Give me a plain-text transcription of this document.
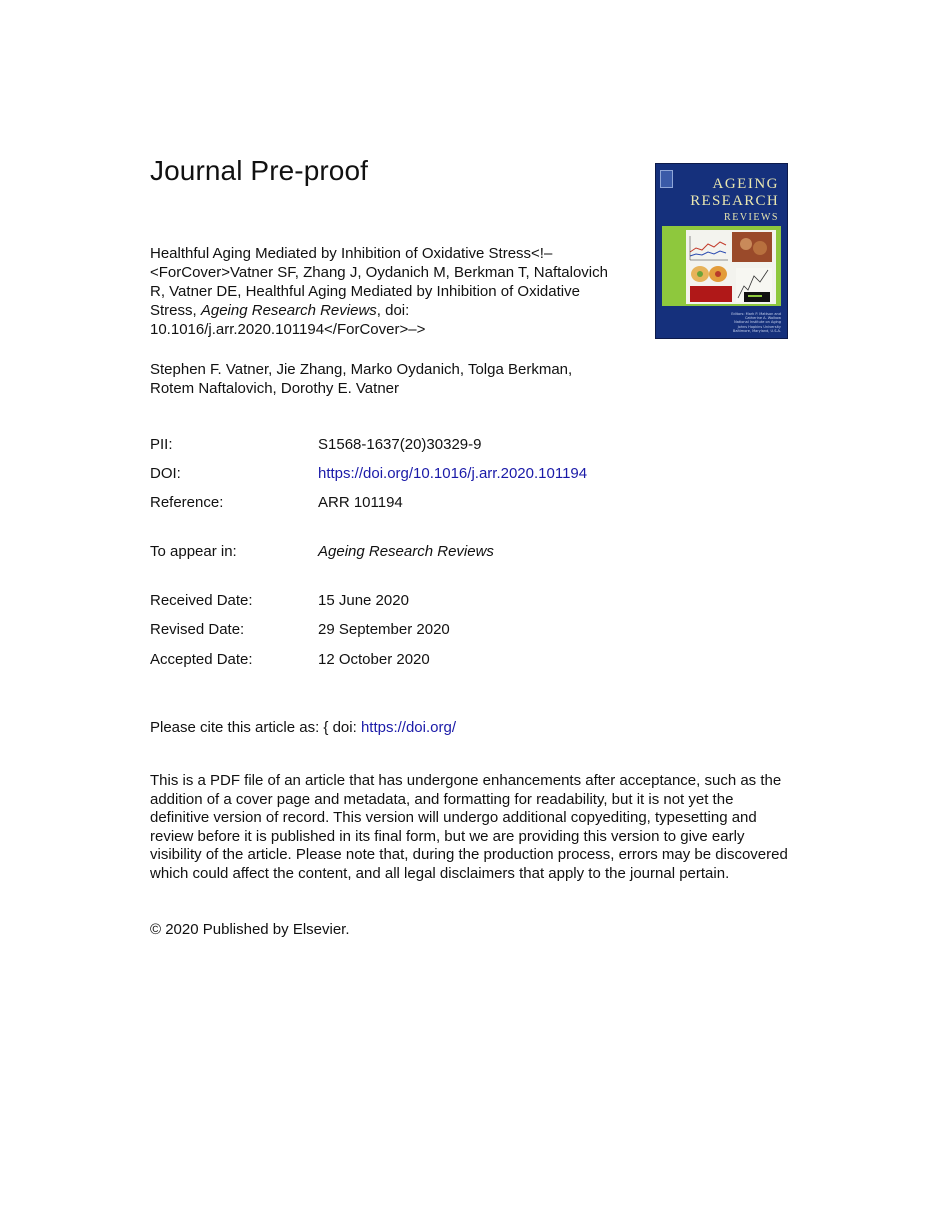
Journal Pre-proof
Healthful Aging Mediated by Inhibition of Oxidative Stress<!–<ForCover>Vatner SF, Zhang J, Oydanich M, Berkman T, Naftalovich R, Vatner DE, Healthful Aging Mediated by Inhibition of Oxidative Stress, Ageing Research Reviews, doi: 10.1016/j.arr.2020.101194</ForCover>–>
Stephen F. Vatner, Jie Zhang, Marko Oydanich, Tolga Berkman, Rotem Naftalovich, Dorothy E. Vatner
PII:	S1568-1637(20)30329-9
DOI:	https://doi.org/10.1016/j.arr.2020.101194
Reference:	ARR 101194
To appear in:	Ageing Research Reviews
Received Date:	15 June 2020
Revised Date:	29 September 2020
Accepted Date:	12 October 2020
Please cite this article as: { doi: https://doi.org/
This is a PDF file of an article that has undergone enhancements after acceptance, such as the addition of a cover page and metadata, and formatting for readability, but it is not yet the definitive version of record. This version will undergo additional copyediting, typesetting and review before it is published in its final form, but we are providing this version to give early visibility of the article. Please note that, during the production process, errors may be discovered which could affect the content, and all legal disclaimers that apply to the journal pertain.
© 2020 Published by Elsevier.
AGEING
RESEARCH
REVIEWS
Editors: Mark P. Mattson and
Catherine A. Wolkow
National Institute on Aging
Johns Hopkins University
Baltimore, Maryland, U.S.A.
